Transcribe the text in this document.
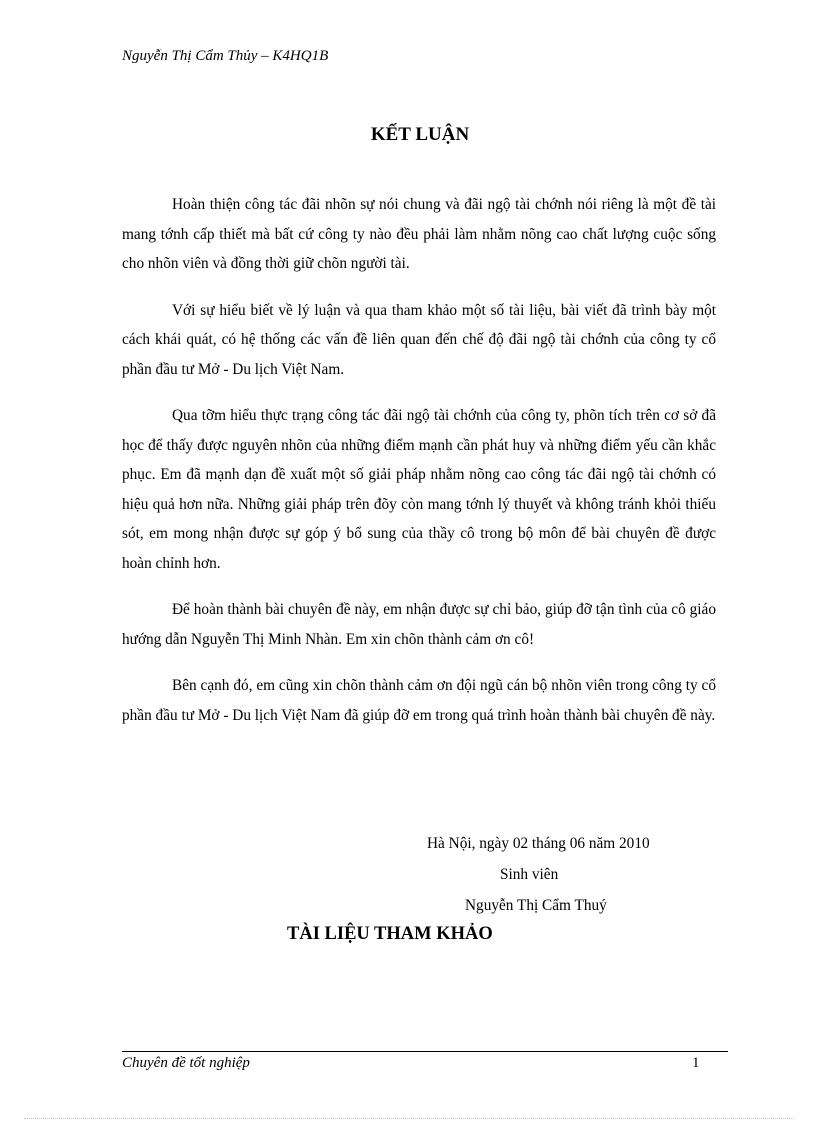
Nguyễn Thị Cẩm Thủy – K4HQ1B
KẾT LUẬN

Hoàn thiện công tác đãi nhõn sự nói chung và đãi ngộ tài chớnh nói riêng là một đề tài mang tớnh cấp thiết mà bất cứ công ty nào đều phải làm nhằm nõng cao chất lượng cuộc sống cho nhõn viên và đồng thời giữ chõn người tài.

Với sự hiểu biết về lý luận và qua tham khảo một số tài liệu, bài viết đã trình bày một cách khái quát, có hệ thống các vấn đề liên quan đến chế độ đãi ngộ tài chớnh của công ty cổ phần đầu tư Mở - Du lịch Việt Nam.

Qua tỡm hiểu thực trạng công tác đãi ngộ tài chớnh của công ty, phõn tích trên cơ sở đã học để thấy được nguyên nhõn của những điểm mạnh cần phát huy và những điểm yếu cần khắc phục. Em đã mạnh dạn đề xuất một số giải pháp nhằm nõng cao công tác đãi ngộ tài chớnh có hiệu quả hơn nữa. Những giải pháp trên đõy còn mang tớnh lý thuyết và không tránh khỏi thiếu sót, em mong nhận được sự góp ý bổ sung của thầy cô trong bộ môn để bài chuyên đề được hoàn chỉnh hơn.

Để hoàn thành bài chuyên đề này, em nhận được sự chỉ bảo, giúp đỡ tận tình của cô giáo hướng dẫn Nguyễn Thị Minh Nhàn. Em xin chõn thành cảm ơn cô!

Bên cạnh đó, em cũng xin chõn thành cảm ơn đội ngũ cán bộ nhõn viên trong công ty cổ phần đầu tư Mở - Du lịch Việt Nam đã giúp đỡ em trong quá trình hoàn thành bài chuyên đề này.

Hà Nội, ngày 02 tháng 06 năm 2010
Sinh viên
Nguyễn Thị Cẩm Thuý
TÀI LIỆU THAM KHẢO
Chuyên đề tốt nghiệp	1
